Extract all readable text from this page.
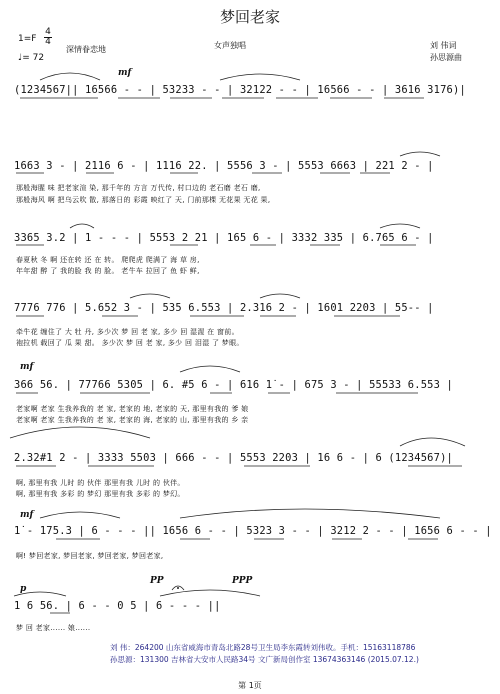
梦回老家
女声独唱	刘 伟词
孙思源曲
1=F
4
4
♩= 72
深情眷恋地
mf
(1234567|| 1656̇6 - - | 53233 - - | 32122 - - | 16566 - - | 3616 3176)|
1663 3 - | 2116 6 - | 1116 22. | 5556 3 - | 5553 6663 | 221 2 - |
那般海腥 味 把老家渲 染, 那千年的 方言 万代传, 村口边的 老石磨 老石 磨,
那般海风 啊 把乌云吹 散, 那落日的 彩霞 映红了 天, 门前那棵 无花果 无花 果,
3365 3.2 | 1 - - - | 5553 2 21 | 165 6 - | 3332 335 | 6.765 6 - |
春夏秋 冬 啊 还在转 还 在 转。 爬爬虎 爬满了 海 草 房,
年年甜 醉 了 我的脸 我 的 脸。 老牛车 拉回了 鱼 虾 鲜,
7776 776 | 5.652 3 - | 535 6.553 | 2.316 2 - | 1601 2203 | 55-- |
牵牛花 缠住了 大 牡 丹, 多少次 梦 回 老 家, 多少 回 湿渥 在 窗前。
袍拉机 载回了 瓜 果 甜。 多少次 梦 回 老 家, 多少 回 泪湿 了 梦眼。
mf
366 56. | 77766 5305 | 6. #5 6 - | 616 1̇ - | 675 3 - | 55533 6.553 |
老家啊 老家 生我养我的 老 家, 老家的 地, 老家的 天, 那里有我的 爹 娘
老家啊 老家 生我养我的 老 家, 老家的 海, 老家的 山, 那里有我的 乡 亲
2.32#1 2 - | 3333 5503 | 666 - - | 5553 2203 | 16 6 - | 6 (1234567)|
啊, 那里有我 儿时 的 伙伴 那里有我 儿时 的 伙伴。
啊, 那里有我 多彩 的 梦幻 那里有我 多彩 的 梦幻。
mf
1̇ - 175.3 | 6 - - - || 1656 6 - - | 5323 3 - - | 3212 2 - - | 1656 6 - - |
啊! 梦回老家, 梦回老家, 梦回老家, 梦回老家,
p
PP	PPP
1 6 56. | 6 - - 0 5 | 6 - - - ||
梦 回 老家...... 娘......
刘 伟：264200 山东省威海市青岛北路28号卫生局李东霞转刘伟收。手机：15163118786
孙思源：131300 吉林省大安市人民路34号 文广新局创作室 13674363146 (2015.07.12.)
第 1页
